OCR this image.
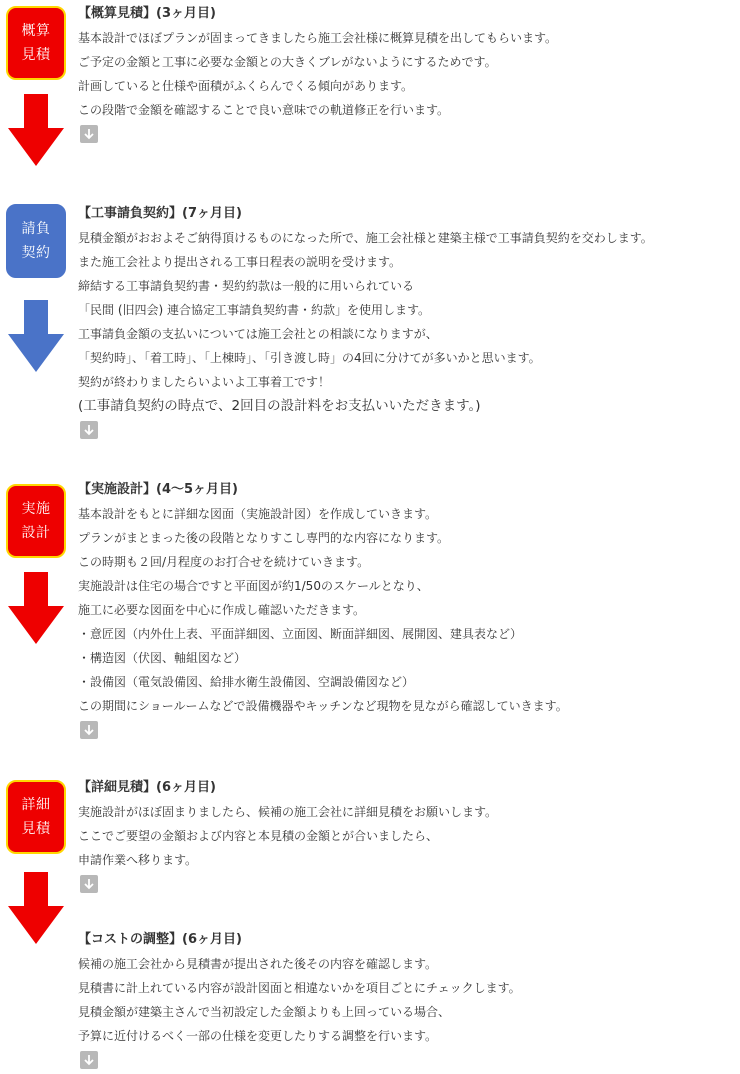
概算
見積
【概算見積】(3ヶ月目)

基本設計でほぼプランが固まってきましたら施工会社様に概算見積を出してもらいます。

ご予定の金額と工事に必要な金額との大きくブレがないようにするためです。

計画していると仕様や面積がふくらんでくる傾向があります。

この段階で金額を確認することで良い意味での軌道修正を行います。

請負
契約
【工事請負契約】(7ヶ月目)

見積金額がおおよそご納得頂けるものになった所で、施工会社様と建築主様で工事請負契約を交わします。

また施工会社より提出される工事日程表の説明を受けます。

締結する工事請負契約書・契約約款は一般的に用いられている

「民間 (旧四会) 連合協定工事請負契約書・約款」を使用します。

工事請負金額の支払いについては施工会社との相談になりますが、

「契約時」、「着工時」、「上棟時」、「引き渡し時」の4回に分けてが多いかと思います。

契約が終わりましたらいよいよ工事着工です！

(工事請負契約の時点で、2回目の設計料をお支払いいただきます。)

実施
設計
【実施設計】(4〜5ヶ月目)

基本設計をもとに詳細な図面（実施設計図）を作成していきます。

プランがまとまった後の段階となりすこし専門的な内容になります。

この時期も２回/月程度のお打合せを続けていきます。

実施設計は住宅の場合ですと平面図が約1/50のスケールとなり、

施工に必要な図面を中心に作成し確認いただきます。

・意匠図（内外仕上表、平面詳細図、立面図、断面詳細図、展開図、建具表など）

・構造図（伏図、軸組図など）

・設備図（電気設備図、給排水衛生設備図、空調設備図など）

この期間にショールームなどで設備機器やキッチンなど現物を見ながら確認していきます。

詳細
見積
【詳細見積】(6ヶ月目)

実施設計がほぼ固まりましたら、候補の施工会社に詳細見積をお願いします。

ここでご要望の金額および内容と本見積の金額とが合いましたら、

申請作業へ移ります。

【コストの調整】(6ヶ月目)

候補の施工会社から見積書が提出された後その内容を確認します。

見積書に計上れている内容が設計図面と相違ないかを項目ごとにチェックします。

見積金額が建築主さんで当初設定した金額よりも上回っている場合、

予算に近付けるべく一部の仕様を変更したりする調整を行います。
